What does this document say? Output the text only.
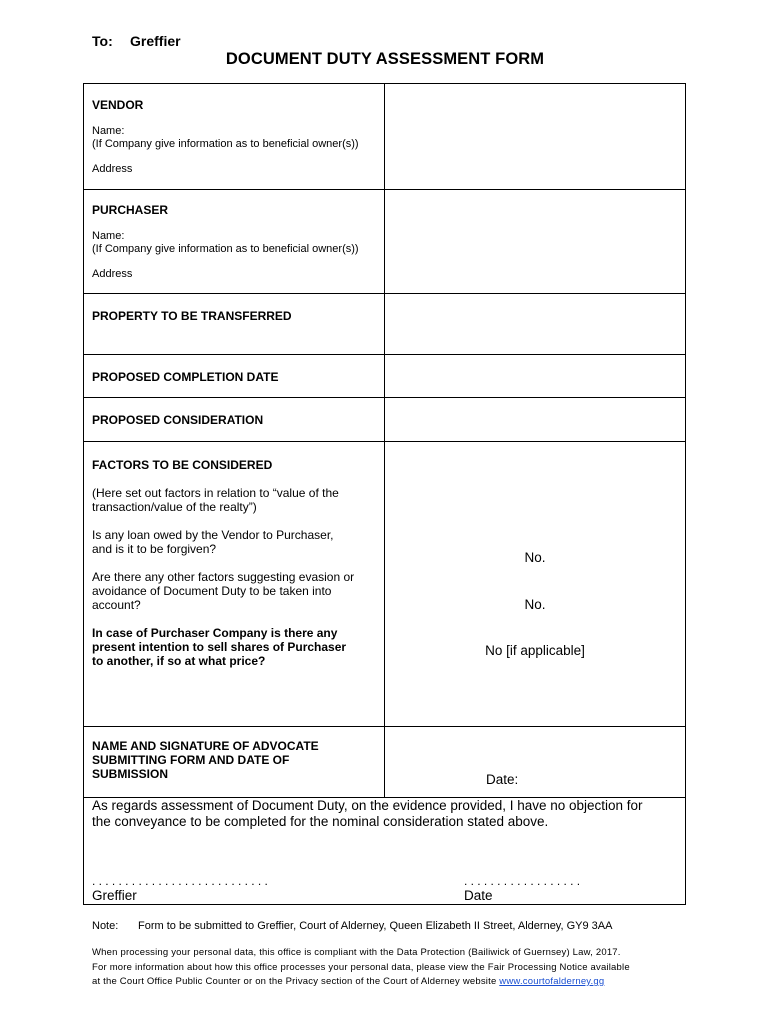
To: Greffier
DOCUMENT DUTY ASSESSMENT FORM
VENDOR
Name:
(If Company give information as to beneficial owner(s))
Address
PURCHASER
Name:
(If Company give information as to beneficial owner(s))
Address
PROPERTY TO BE TRANSFERRED
PROPOSED COMPLETION DATE
PROPOSED CONSIDERATION
FACTORS TO BE CONSIDERED
(Here set out factors in relation to “value of the
transaction/value of the realty”)
Is any loan owed by the Vendor to Purchaser,
and is it to be forgiven?
Are there any other factors suggesting evasion or
avoidance of Document Duty to be taken into
account?
In case of Purchaser Company is there any
present intention to sell shares of Purchaser
to another, if so at what price?
No.
No.
No [if applicable]
NAME AND SIGNATURE OF ADVOCATE
SUBMITTING FORM AND DATE OF
SUBMISSION	Date:
As regards assessment of Document Duty, on the evidence provided, I have no objection for
the conveyance to be completed for the nominal consideration stated above.
...........................
Greffier
..................
Date
Note: Form to be submitted to Greffier, Court of Alderney, Queen Elizabeth II Street, Alderney, GY9 3AA
When processing your personal data, this office is compliant with the Data Protection (Bailiwick of Guernsey) Law, 2017.
For more information about how this office processes your personal data, please view the Fair Processing Notice available
at the Court Office Public Counter or on the Privacy section of the Court of Alderney website www.courtofalderney.gg
